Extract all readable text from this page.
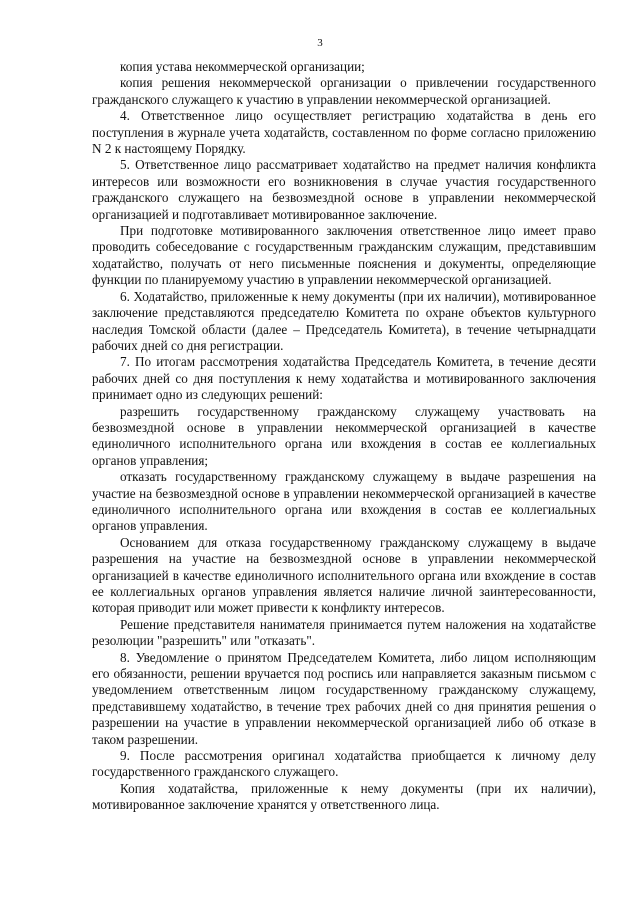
3

копия устава некоммерческой организации;

копия решения некоммерческой организации о привлечении государственного гражданского служащего к участию в управлении некоммерческой организацией.

4. Ответственное лицо осуществляет регистрацию ходатайства в день его поступления в журнале учета ходатайств, составленном по форме согласно приложению N 2 к настоящему Порядку.

5. Ответственное лицо рассматривает ходатайство на предмет наличия конфликта интересов или возможности его возникновения в случае участия государственного гражданского служащего на безвозмездной основе в управлении некоммерческой организацией и подготавливает мотивированное заключение.

При подготовке мотивированного заключения ответственное лицо имеет право проводить собеседование с государственным гражданским служащим, представившим ходатайство, получать от него письменные пояснения и документы, определяющие функции по планируемому участию в управлении некоммерческой организацией.

6. Ходатайство, приложенные к нему документы (при их наличии), мотивированное заключение представляются председателю Комитета по охране объектов культурного наследия Томской области (далее – Председатель Комитета), в течение четырнадцати рабочих дней со дня регистрации.

7. По итогам рассмотрения ходатайства Председатель Комитета, в течение десяти рабочих дней со дня поступления к нему ходатайства и мотивированного заключения принимает одно из следующих решений:

разрешить государственному гражданскому служащему участвовать на безвозмездной основе в управлении некоммерческой организацией в качестве единоличного исполнительного органа или вхождения в состав ее коллегиальных органов управления;

отказать государственному гражданскому служащему в выдаче разрешения на участие на безвозмездной основе в управлении некоммерческой организацией в качестве единоличного исполнительного органа или вхождения в состав ее коллегиальных органов управления.

Основанием для отказа государственному гражданскому служащему в выдаче разрешения на участие на безвозмездной основе в управлении некоммерческой организацией в качестве единоличного исполнительного органа или вхождение в состав ее коллегиальных органов управления является наличие личной заинтересованности, которая приводит или может привести к конфликту интересов.

Решение представителя нанимателя принимается путем наложения на ходатайстве резолюции "разрешить" или "отказать".

8. Уведомление о принятом Председателем Комитета, либо лицом исполняющим его обязанности, решении вручается под роспись или направляется заказным письмом с уведомлением ответственным лицом государственному гражданскому служащему, представившему ходатайство, в течение трех рабочих дней со дня принятия решения о разрешении на участие в управлении некоммерческой организацией либо об отказе в таком разрешении.

9. После рассмотрения оригинал ходатайства приобщается к личному делу государственного гражданского служащего.

Копия ходатайства, приложенные к нему документы (при их наличии), мотивированное заключение хранятся у ответственного лица.
